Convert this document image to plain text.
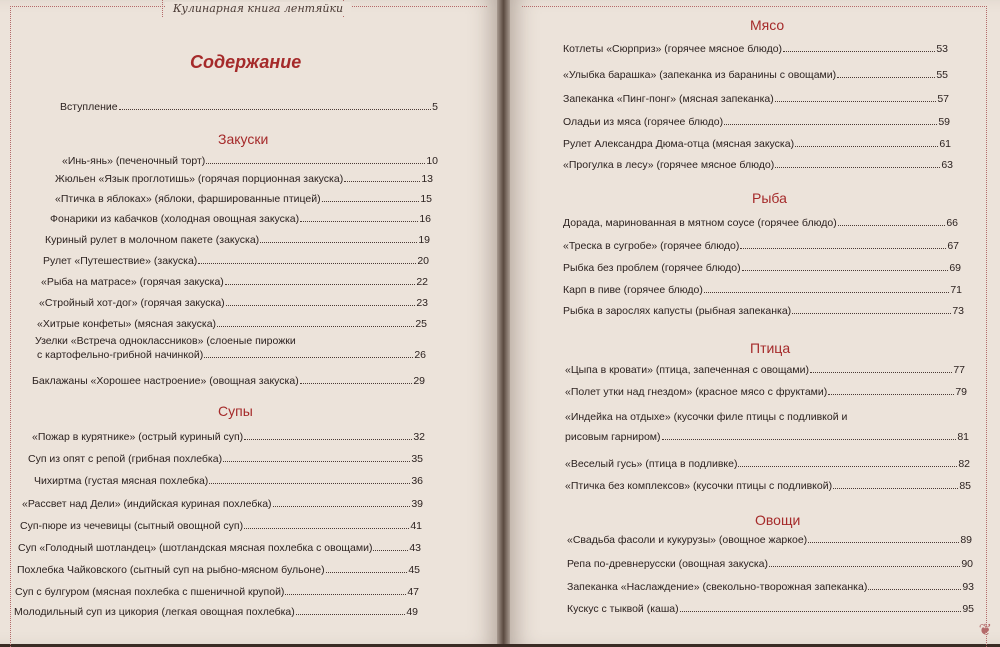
Кулинарная книга лентяйки
Содержание
Вступление	5
Закуски
«Инь-янь» (печеночный торт)	10
Жюльен «Язык проглотишь» (горячая порционная закуска)	13
«Птичка в яблоках» (яблоки, фаршированные птицей)	15
Фонарики из кабачков (холодная овощная закуска)	16
Куриный рулет в молочном пакете (закуска)	19
Рулет «Путешествие» (закуска)	20
«Рыба на матрасе» (горячая закуска)	22
«Стройный хот-дог» (горячая закуска)	23
«Хитрые конфеты» (мясная закуска)	25
Узелки «Встреча одноклассников» (слоеные пирожки
с картофельно-грибной начинкой)	26
Баклажаны «Хорошее настроение» (овощная закуска)	29
Супы
«Пожар в курятнике» (острый куриный суп)	32
Суп из опят с репой (грибная похлебка)	35
Чихиртма (густая мясная похлебка)	36
«Рассвет над Дели» (индийская куриная похлебка)	39
Суп-пюре из чечевицы (сытный овощной суп)	41
Суп «Голодный шотландец» (шотландская мясная похлебка с овощами)	43
Похлебка Чайковского (сытный суп на рыбно-мясном бульоне)	45
Суп с булгуром (мясная похлебка с пшеничной крупой)	47
Молодильный суп из цикория (легкая овощная похлебка)	49
Мясо
Котлеты «Сюрприз» (горячее мясное блюдо)	53
«Улыбка барашка» (запеканка из баранины с овощами)	55
Запеканка «Пинг-понг» (мясная запеканка)	57
Оладьи из мяса (горячее блюдо)	59
Рулет Александра Дюма-отца (мясная закуска)	61
«Прогулка в лесу» (горячее мясное блюдо)	63
Рыба
Дорада, маринованная в мятном соусе (горячее блюдо)	66
«Треска в сугробе» (горячее блюдо)	67
Рыбка без проблем (горячее блюдо)	69
Карп в пиве (горячее блюдо)	71
Рыбка в зарослях капусты (рыбная запеканка)	73
Птица
«Цыпа в кровати» (птица, запеченная с овощами)	77
«Полет утки над гнездом» (красное мясо с фруктами)	79
«Индейка на отдыхе» (кусочки филе птицы с подливкой и
рисовым гарниром)	81
«Веселый гусь» (птица в подливке)	82
«Птичка без комплексов» (кусочки птицы с подливкой)	85
Овощи
«Свадьба фасоли и кукурузы» (овощное жаркое)	89
Репа по-древнерусски (овощная закуска)	90
Запеканка «Наслаждение» (свекольно-творожная запеканка)	93
Кускус с тыквой (каша)	95
❦
